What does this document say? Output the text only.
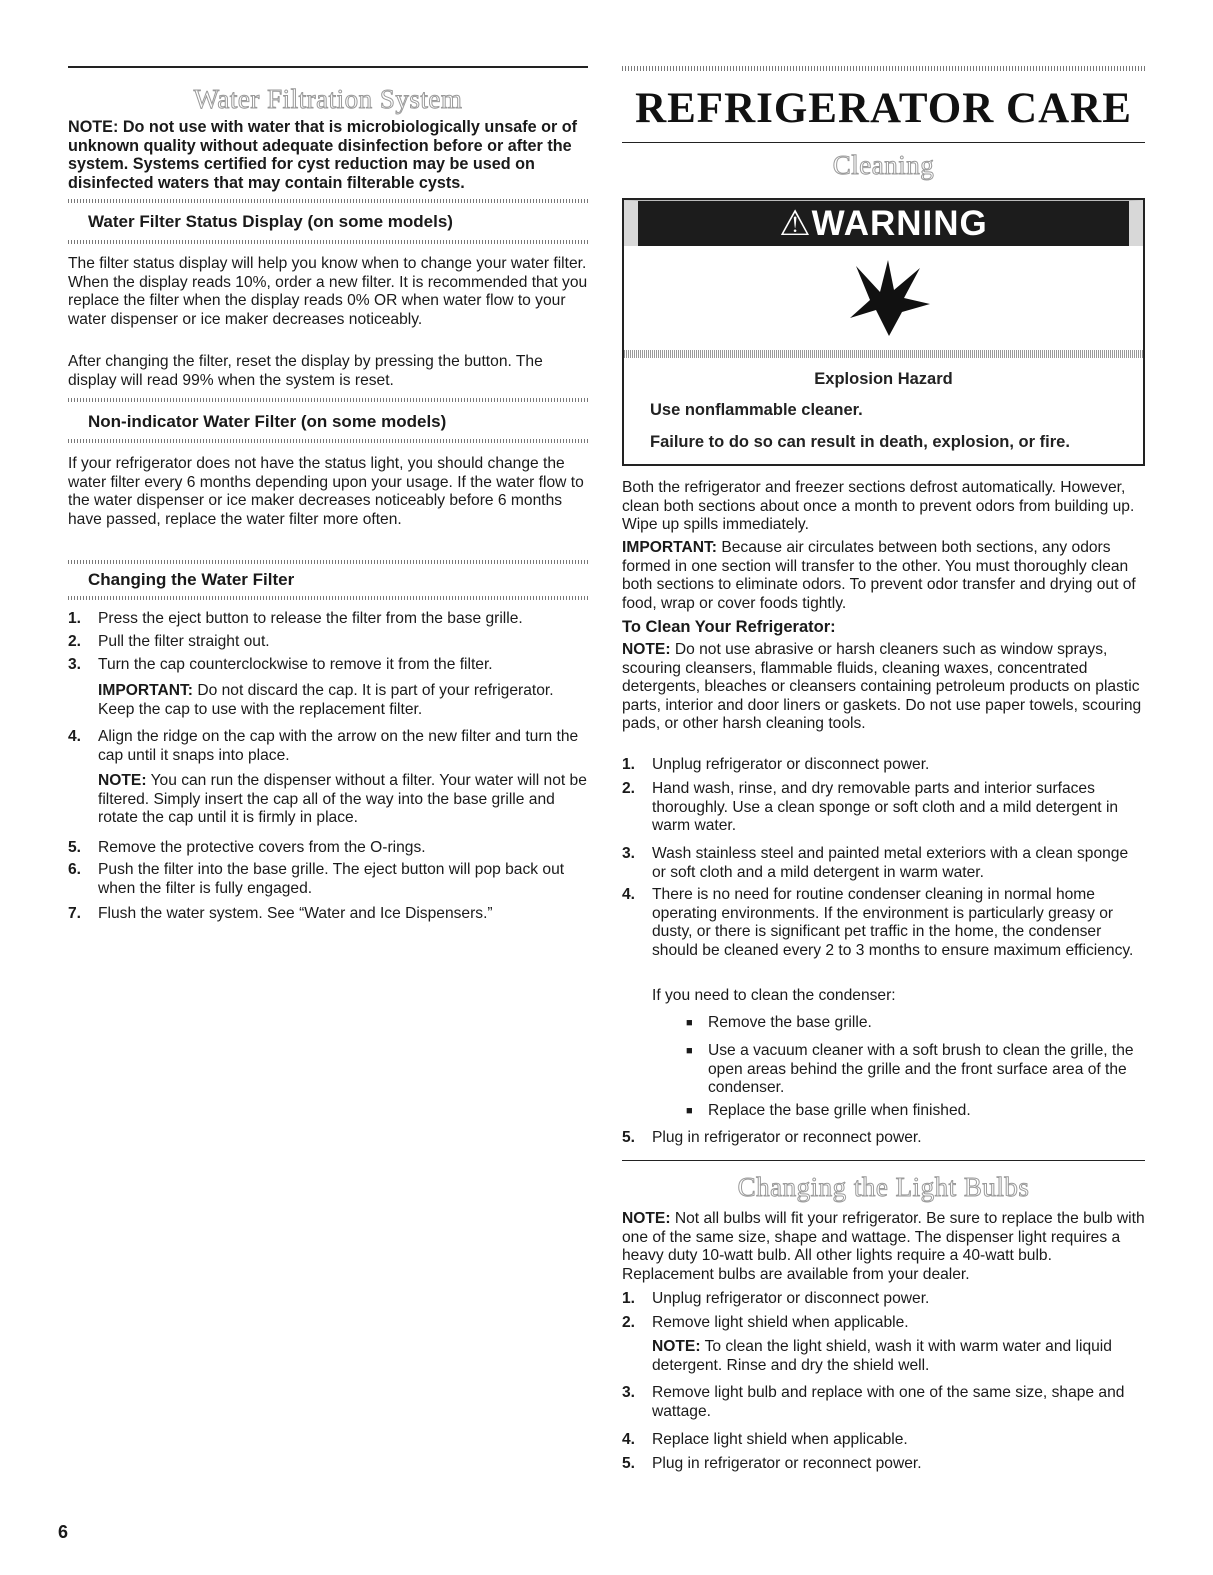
Water Filtration System
NOTE: Do not use with water that is microbiologically unsafe or of unknown quality without adequate disinfection before or after the system. Systems certified for cyst reduction may be used on disinfected waters that may contain filterable cysts.
Water Filter Status Display (on some models)
The filter status display will help you know when to change your water filter. When the display reads 10%, order a new filter. It is recommended that you replace the filter when the display reads 0% OR when water flow to your water dispenser or ice maker decreases noticeably.
After changing the filter, reset the display by pressing the button. The display will read 99% when the system is reset.
Non-indicator Water Filter (on some models)
If your refrigerator does not have the status light, you should change the water filter every 6 months depending upon your usage. If the water flow to the water dispenser or ice maker decreases noticeably before 6 months have passed, replace the water filter more often.
Changing the Water Filter
1.	Press the eject button to release the filter from the base grille.
2.	Pull the filter straight out.
3.	Turn the cap counterclockwise to remove it from the filter.
IMPORTANT: Do not discard the cap. It is part of your refrigerator. Keep the cap to use with the replacement filter.
4.	Align the ridge on the cap with the arrow on the new filter and turn the cap until it snaps into place.
NOTE: You can run the dispenser without a filter. Your water will not be filtered. Simply insert the cap all of the way into the base grille and rotate the cap until it is firmly in place.
5.	Remove the protective covers from the O-rings.
6.	Push the filter into the base grille. The eject button will pop back out when the filter is fully engaged.
7.	Flush the water system. See “Water and Ice Dispensers.”
REFRIGERATOR CARE
Cleaning
⚠WARNING
Explosion Hazard
Use nonflammable cleaner.
Failure to do so can result in death, explosion, or fire.
Both the refrigerator and freezer sections defrost automatically. However, clean both sections about once a month to prevent odors from building up. Wipe up spills immediately.
IMPORTANT: Because air circulates between both sections, any odors formed in one section will transfer to the other. You must thoroughly clean both sections to eliminate odors. To prevent odor transfer and drying out of food, wrap or cover foods tightly.
To Clean Your Refrigerator:
NOTE: Do not use abrasive or harsh cleaners such as window sprays, scouring cleansers, flammable fluids, cleaning waxes, concentrated detergents, bleaches or cleansers containing petroleum products on plastic parts, interior and door liners or gaskets. Do not use paper towels, scouring pads, or other harsh cleaning tools.
1.	Unplug refrigerator or disconnect power.
2.	Hand wash, rinse, and dry removable parts and interior surfaces thoroughly. Use a clean sponge or soft cloth and a mild detergent in warm water.
3.	Wash stainless steel and painted metal exteriors with a clean sponge or soft cloth and a mild detergent in warm water.
4.	There is no need for routine condenser cleaning in normal home operating environments. If the environment is particularly greasy or dusty, or there is significant pet traffic in the home, the condenser should be cleaned every 2 to 3 months to ensure maximum efficiency.
If you need to clean the condenser:
■ Remove the base grille.
■ Use a vacuum cleaner with a soft brush to clean the grille, the open areas behind the grille and the front surface area of the condenser.
■ Replace the base grille when finished.
5.	Plug in refrigerator or reconnect power.
Changing the Light Bulbs
NOTE: Not all bulbs will fit your refrigerator. Be sure to replace the bulb with one of the same size, shape and wattage. The dispenser light requires a heavy duty 10-watt bulb. All other lights require a 40-watt bulb. Replacement bulbs are available from your dealer.
1.	Unplug refrigerator or disconnect power.
2.	Remove light shield when applicable.
NOTE: To clean the light shield, wash it with warm water and liquid detergent. Rinse and dry the shield well.
3.	Remove light bulb and replace with one of the same size, shape and wattage.
4.	Replace light shield when applicable.
5.	Plug in refrigerator or reconnect power.
6
